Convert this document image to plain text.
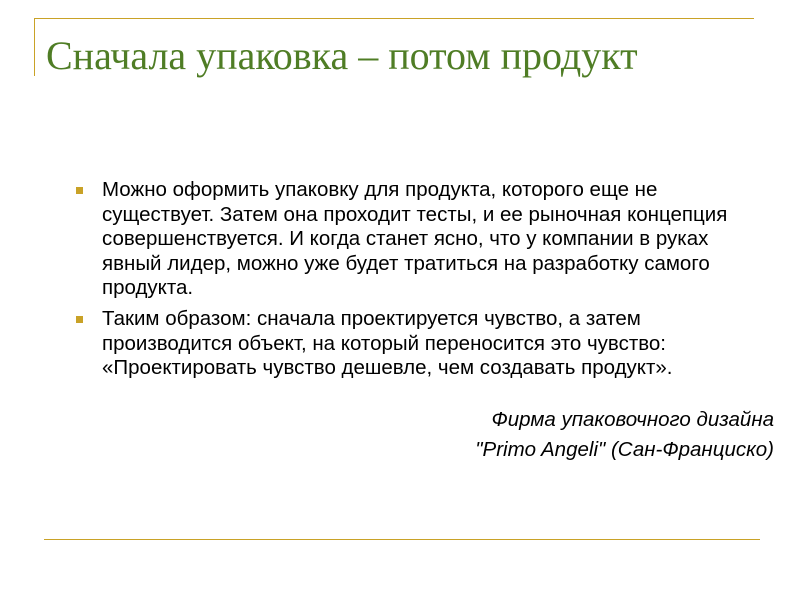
Сначала упаковка – потом продукт
Можно оформить упаковку для продукта, которого еще не существует. Затем она проходит тесты, и ее рыночная концепция совершенствуется. И когда станет ясно, что у компании в руках явный лидер, можно уже будет тратиться на разработку самого продукта.
Таким образом: сначала проектируется чувство, а затем производится объект, на который переносится это чувство: «Проектировать чувство дешевле, чем создавать продукт».
Фирма упаковочного дизайна
"Primo Angeli" (Сан-Франциско)
